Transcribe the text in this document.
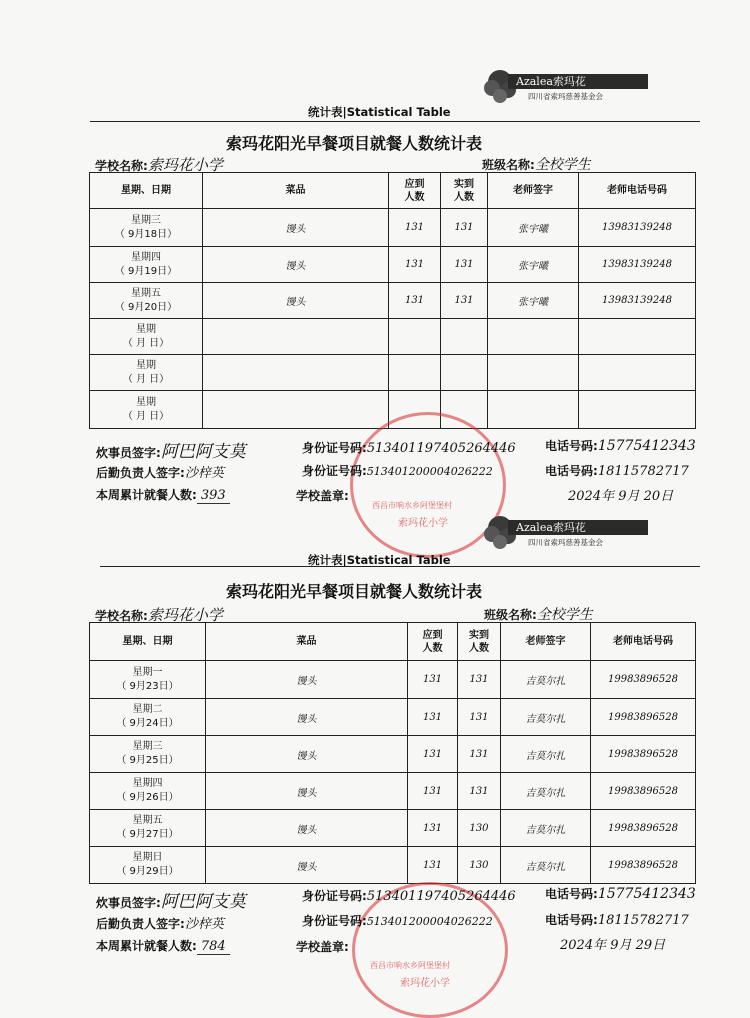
Azalea索玛花
四川省索玛慈善基金会
统计表|Statistical Table
索玛花阳光早餐项目就餐人数统计表
学校名称:索玛花小学	班级名称:全校学生
星期、日期	菜品	应到人数	实到人数	老师签字	老师电话号码

星期三
（ 9月18日）	馒头	131	131	张宇曦	13983139248

星期四
（ 9月19日）	馒头	131	131	张宇曦	13983139248

星期五
（ 9月20日）	馒头	131	131	张宇曦	13983139248

星期
（ 月 日）					

星期
（ 月 日）					

星期
（ 月 日）					

西昌市响水乡阿堡堡村
索玛花小学
炊事员签字:阿巴阿支莫	身份证号码:513401197405264446 电话号码:15775412343
后勤负责人签字:沙梓英	身份证号码:513401200004026222	电话号码:18115782717
本周累计就餐人数: 393	学校盖章:	2024年 9月 20日
Azalea索玛花
四川省索玛慈善基金会
统计表|Statistical Table
索玛花阳光早餐项目就餐人数统计表
学校名称:索玛花小学	班级名称:全校学生
星期、日期	菜品	应到人数	实到人数	老师签字	老师电话号码

星期一
（ 9月23日）	馒头	131	131	吉莫尔扎	19983896528

星期二
（ 9月24日）	馒头	131	131	吉莫尔扎	19983896528

星期三
（ 9月25日）	馒头	131	131	吉莫尔扎	19983896528

星期四
（ 9月26日）	馒头	131	131	吉莫尔扎	19983896528

星期五
（ 9月27日）	馒头	131	130	吉莫尔扎	19983896528

星期日
（ 9月29日）	馒头	131	130	吉莫尔扎	19983896528
西昌市响水乡阿堡堡村
索玛花小学
炊事员签字:阿巴阿支莫	身份证号码:513401197405264446 电话号码:15775412343
后勤负责人签字:沙梓英	身份证号码:513401200004026222	电话号码:18115782717
本周累计就餐人数: 784	学校盖章:	2024年 9月 29日
